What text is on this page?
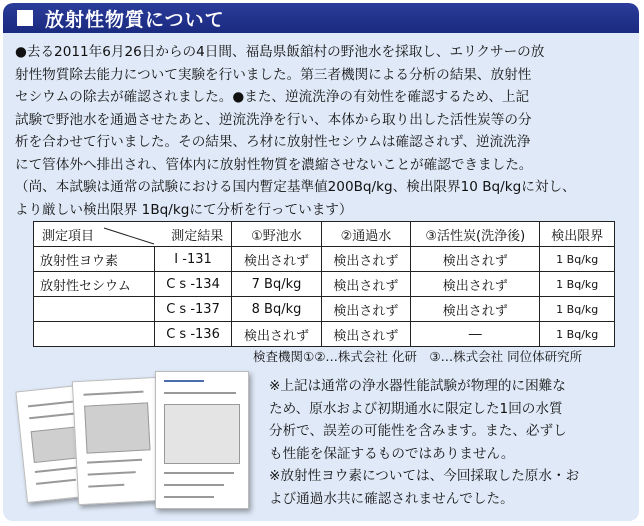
放射性物質について

●去る2011年6月26日からの4日間、福島県飯舘村の野池水を採取し、エリクサーの放

射性物質除去能力について実験を行いました。第三者機関による分析の結果、放射性

セシウムの除去が確認されました。●また、逆流洗浄の有効性を確認するため、上記

試験で野池水を通過させたあと、逆流洗浄を行い、本体から取り出した活性炭等の分

析を合わせて行いました。その結果、ろ材に放射性セシウムは確認されず、逆流洗浄

にて管体外へ排出され、管体内に放射性物質を濃縮させないことが確認できました。

（尚、本試験は通常の試験における国内暫定基準値200Bq/kg、検出限界10 Bq/kgに対し、

より厳しい検出限界 1Bq/kgにて分析を行っています）

測定項目 測定結果		①野池水	②通過水	③活性炭(洗浄後)	検出限界
放射性ヨウ素	I -131	検出されず	検出されず	検出されず	1 Bq/kg
放射性セシウム	C s -134	7 Bq/kg	検出されず	検出されず	1 Bq/kg
	C s -137	8 Bq/kg	検出されず	検出されず	1 Bq/kg
	C s -136	検出されず	検出されず	―	1 Bq/kg
検査機関①②…株式会社 化研　③…株式会社 同位体研究所

※上記は通常の浄水器性能試験が物理的に困難な

ため、原水および初期通水に限定した1回の水質

分析で、誤差の可能性を含みます。また、必ずし

も性能を保証するものではありません。

※放射性ヨウ素については、今回採取した原水・お

よび通過水共に確認されませんでした。
